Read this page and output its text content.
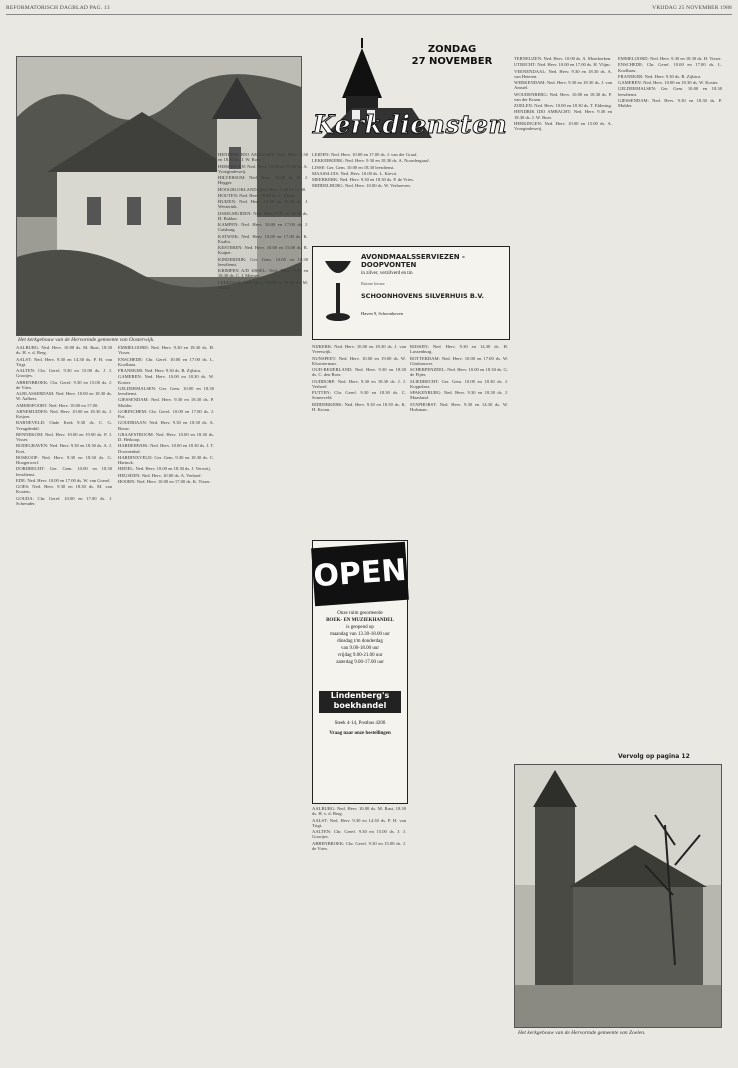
REFORMATORISCH DAGBLAD PAG. 13	VRIJDAG 25 NOVEMBER 1988
Het kerkgebouw van de Hervormde gemeente van Oosterwijk.
ZONDAG
27 NOVEMBER
Kerkdiensten

AALBURG: Ned. Herv. 10.00 ds. M. Rust, 18.30 ds. H. v. d. Berg.

AALST: Ned. Herv. 9.30 en 14.30 ds. P. H. van Trigt.

AALTEN: Chr. Geref. 9.30 en 15.00 ds. J. J. Grootjes.

ABBENBROEK: Chr. Geref. 9.30 en 15.00 ds. J. de Vries.

ALBLASSERDAM: Ned. Herv. 10.00 en 18.30 ds. W. Aalbers.

AMERSFOORT: Ned. Herv. 10.00 en 17.00.

ARNEMUIDEN: Ned. Herv. 10.00 en 18.30 ds. J. Keijzer.

BARNEVELD: Oude Kerk 9.30 ds. C. G. Vreugdenhil.

BENNEKOM: Ned. Herv. 10.00 en 19.00 ds. P. J. Visser.

BODEGRAVEN: Ned. Herv. 9.30 en 18.30 ds. A. J. Kret.

BOSKOOP: Ned. Herv. 9.30 en 18.30 ds. G. Hoogerwerf.

DORDRECHT: Ger. Gem. 10.00 en 18.30 leesdienst.

EDE: Ned. Herv. 10.00 en 17.00 ds. W. van Gorsel.

GOES: Ned. Herv. 9.30 en 18.30 ds. M. van Kooten.

GOUDA: Chr. Geref. 10.00 en 17.00 ds. J. Schreuder.

EMMELOORD: Ned. Herv. 9.30 en 18.30 ds. H. Visser.

ENSCHEDE: Chr. Geref. 10.00 en 17.00 ds. L. Koolhaas.

FRANEKER: Ned. Herv. 9.30 ds. B. Zijlstra.

GAMEREN: Ned. Herv. 10.00 en 18.30 ds. W. Koster.

GELDERMALSEN: Ger. Gem. 10.00 en 18.30 leesdienst.

GIESSENDAM: Ned. Herv. 9.30 en 18.30 ds. P. Mulder.

GORINCHEM: Chr. Geref. 10.00 en 17.00 ds. J. Pot.

GOUDRIAAN: Ned. Herv. 9.30 en 18.30 ds. A. Bouw.

GRAAFSTROOM: Ned. Herv. 10.00 en 18.30 ds. D. Heikoop.

HARDERWIJK: Ned. Herv. 10.00 en 18.30 ds. J. T. Doornenbal.

HARDINXVELD: Ger. Gem. 9.30 en 18.30 ds. C. Harinck.

HEDEL: Ned. Herv. 10.00 en 18.30 ds. J. Verweij.

HEUSDEN: Ned. Herv. 10.00 ds. A. Verhoef.

HOORN: Ned. Herv. 10.00 en 17.00 ds. K. Visser.

HENDRIK IDO AMBACHT: Ned. Herv. 9.30 en 18.30 ds. J. W. Boer.

HERKINGEN: Ned. Herv. 10.00 en 15.00 ds. A. Vroegindeweij.

HILVERSUM: Ned. Herv. 10.00 ds. H. J. Hegger.

HOOGBLOKLAND: Ned. Herv. 9.30 en 14.30.

HOUTEN: Ned. Herv. 10.00 ds. C. Blenk.

HUIZEN: Ned. Herv. 10.00 en 18.30 ds. J. Westerink.

IJSSELMUIDEN: Ned. Herv. 9.30 en 18.30 ds. H. Bakker.

KAMPEN: Ned. Herv. 10.00 en 17.00 ds. J. Catsburg.

KATWIJK: Ned. Herv. 10.00 en 17.00 ds. K. Exalto.

KESTEREN: Ned. Herv. 10.00 en 15.00 ds. R. Kuiper.

KINDERDIJK: Ger. Gem. 10.00 en 18.30 leesdienst.

KRIMPEN A/D IJSSEL: Ned. Herv. 9.30 en 18.30 ds. C. J. Meeuse.

LEERDAM: Ned. Herv. 10.00 en 18.30 ds. M. Visser.

LEIDEN: Ned. Herv. 10.00 en 17.00 ds. J. van der Graaf.

LEKKERKERK: Ned. Herv. 9.30 en 18.30 ds. A. Noordergraaf.

LISSE: Ger. Gem. 10.00 en 18.30 leesdienst.

MAASSLUIS: Ned. Herv. 10.00 ds. L. Kievit.

MEERKERK: Ned. Herv. 9.30 en 18.30 ds. P. de Vries.

MIDDELBURG: Ned. Herv. 10.00 ds. W. Verhoeven.

AVONDMAALSSERVIEZEN - DOOPVONTEN
in zilver, verzilverd en tin
Ruime keuze
SCHOONHOVENS SILVERHUIS B.V.
Haven 9, Schoonhoven

NIJKERK: Ned. Herv. 10.00 en 18.30 ds. J. van Vreeswijk.

NUNSPEET: Ned. Herv. 10.00 en 19.00 ds. W. Kloosterman.

OUD-BEIJERLAND: Ned. Herv. 9.30 en 18.30 ds. C. den Boer.

OUDDORP: Ned. Herv. 9.30 en 18.30 ds. J. J. Verhoef.

PUTTEN: Chr. Geref. 9.30 en 18.30 ds. C. Sonneveld.

RIDDERKERK: Ned. Herv. 9.30 en 18.30 ds. K. H. Kroon.

OPEN
Onze ruim gesorteerde
BOEK- EN MUZIEKHANDEL
is geopend op
maandag van 13.30-18.00 uur
dinsdag t/m donderdag
van 9.00-18.00 uur
vrijdag 9.00-21.00 uur
zaterdag 9.00-17.00 uur
Lindenberg's
boekhandel
Steek 4-14, Postbus 4200
Vraag naar onze bestellingen

RIJSSEN: Ned. Herv. 9.30 en 14.30 ds. H. Lussenburg.

ROTTERDAM: Ned. Herv. 10.00 en 17.00 ds. W. Glashouwer.

SCHERPENZEEL: Ned. Herv. 10.00 en 18.30 ds. G. de Fijter.

SLIEDRECHT: Ger. Gem. 10.00 en 18.30 ds. J. Koppelaar.

SPAKENBURG: Ned. Herv. 9.30 en 18.30 ds. J. Maasland.

STAPHORST: Ned. Herv. 9.30 en 14.30 ds. W. Hulsman.

AALBURG: Ned. Herv. 10.00 ds. M. Rust, 18.30 ds. H. v. d. Berg.

AALST: Ned. Herv. 9.30 en 14.30 ds. P. H. van Trigt.

AALTEN: Chr. Geref. 9.30 en 15.00 ds. J. J. Grootjes.

ABBENBROEK: Chr. Geref. 9.30 en 15.00 ds. J. de Vries.

TERNEUZEN: Ned. Herv. 10.00 ds. A. Moerkerken.

UTRECHT: Ned. Herv. 10.00 en 17.00 ds. H. Vlijm.

VEENENDAAL: Ned. Herv. 9.30 en 18.30 ds. A. van Heteren.

WERKENDAM: Ned. Herv. 9.30 en 18.30 ds. J. van Amstel.

WOUDENBERG: Ned. Herv. 10.00 en 18.30 ds. P. van der Kraan.

ZOELEN: Ned. Herv. 10.00 en 18.30 ds. T. Eldering.

HENDRIK IDO AMBACHT: Ned. Herv. 9.30 en 18.30 ds. J. W. Boer.

HERKINGEN: Ned. Herv. 10.00 en 15.00 ds. A. Vroegindeweij.

EMMELOORD: Ned. Herv. 9.30 en 18.30 ds. H. Visser.

ENSCHEDE: Chr. Geref. 10.00 en 17.00 ds. L. Koolhaas.

FRANEKER: Ned. Herv. 9.30 ds. B. Zijlstra.

GAMEREN: Ned. Herv. 10.00 en 18.30 ds. W. Koster.

GELDERMALSEN: Ger. Gem. 10.00 en 18.30 leesdienst.

GIESSENDAM: Ned. Herv. 9.30 en 18.30 ds. P. Mulder.

Vervolg op pagina 12
Het kerkgebouw van de Hervormde gemeente van Zoelen.
